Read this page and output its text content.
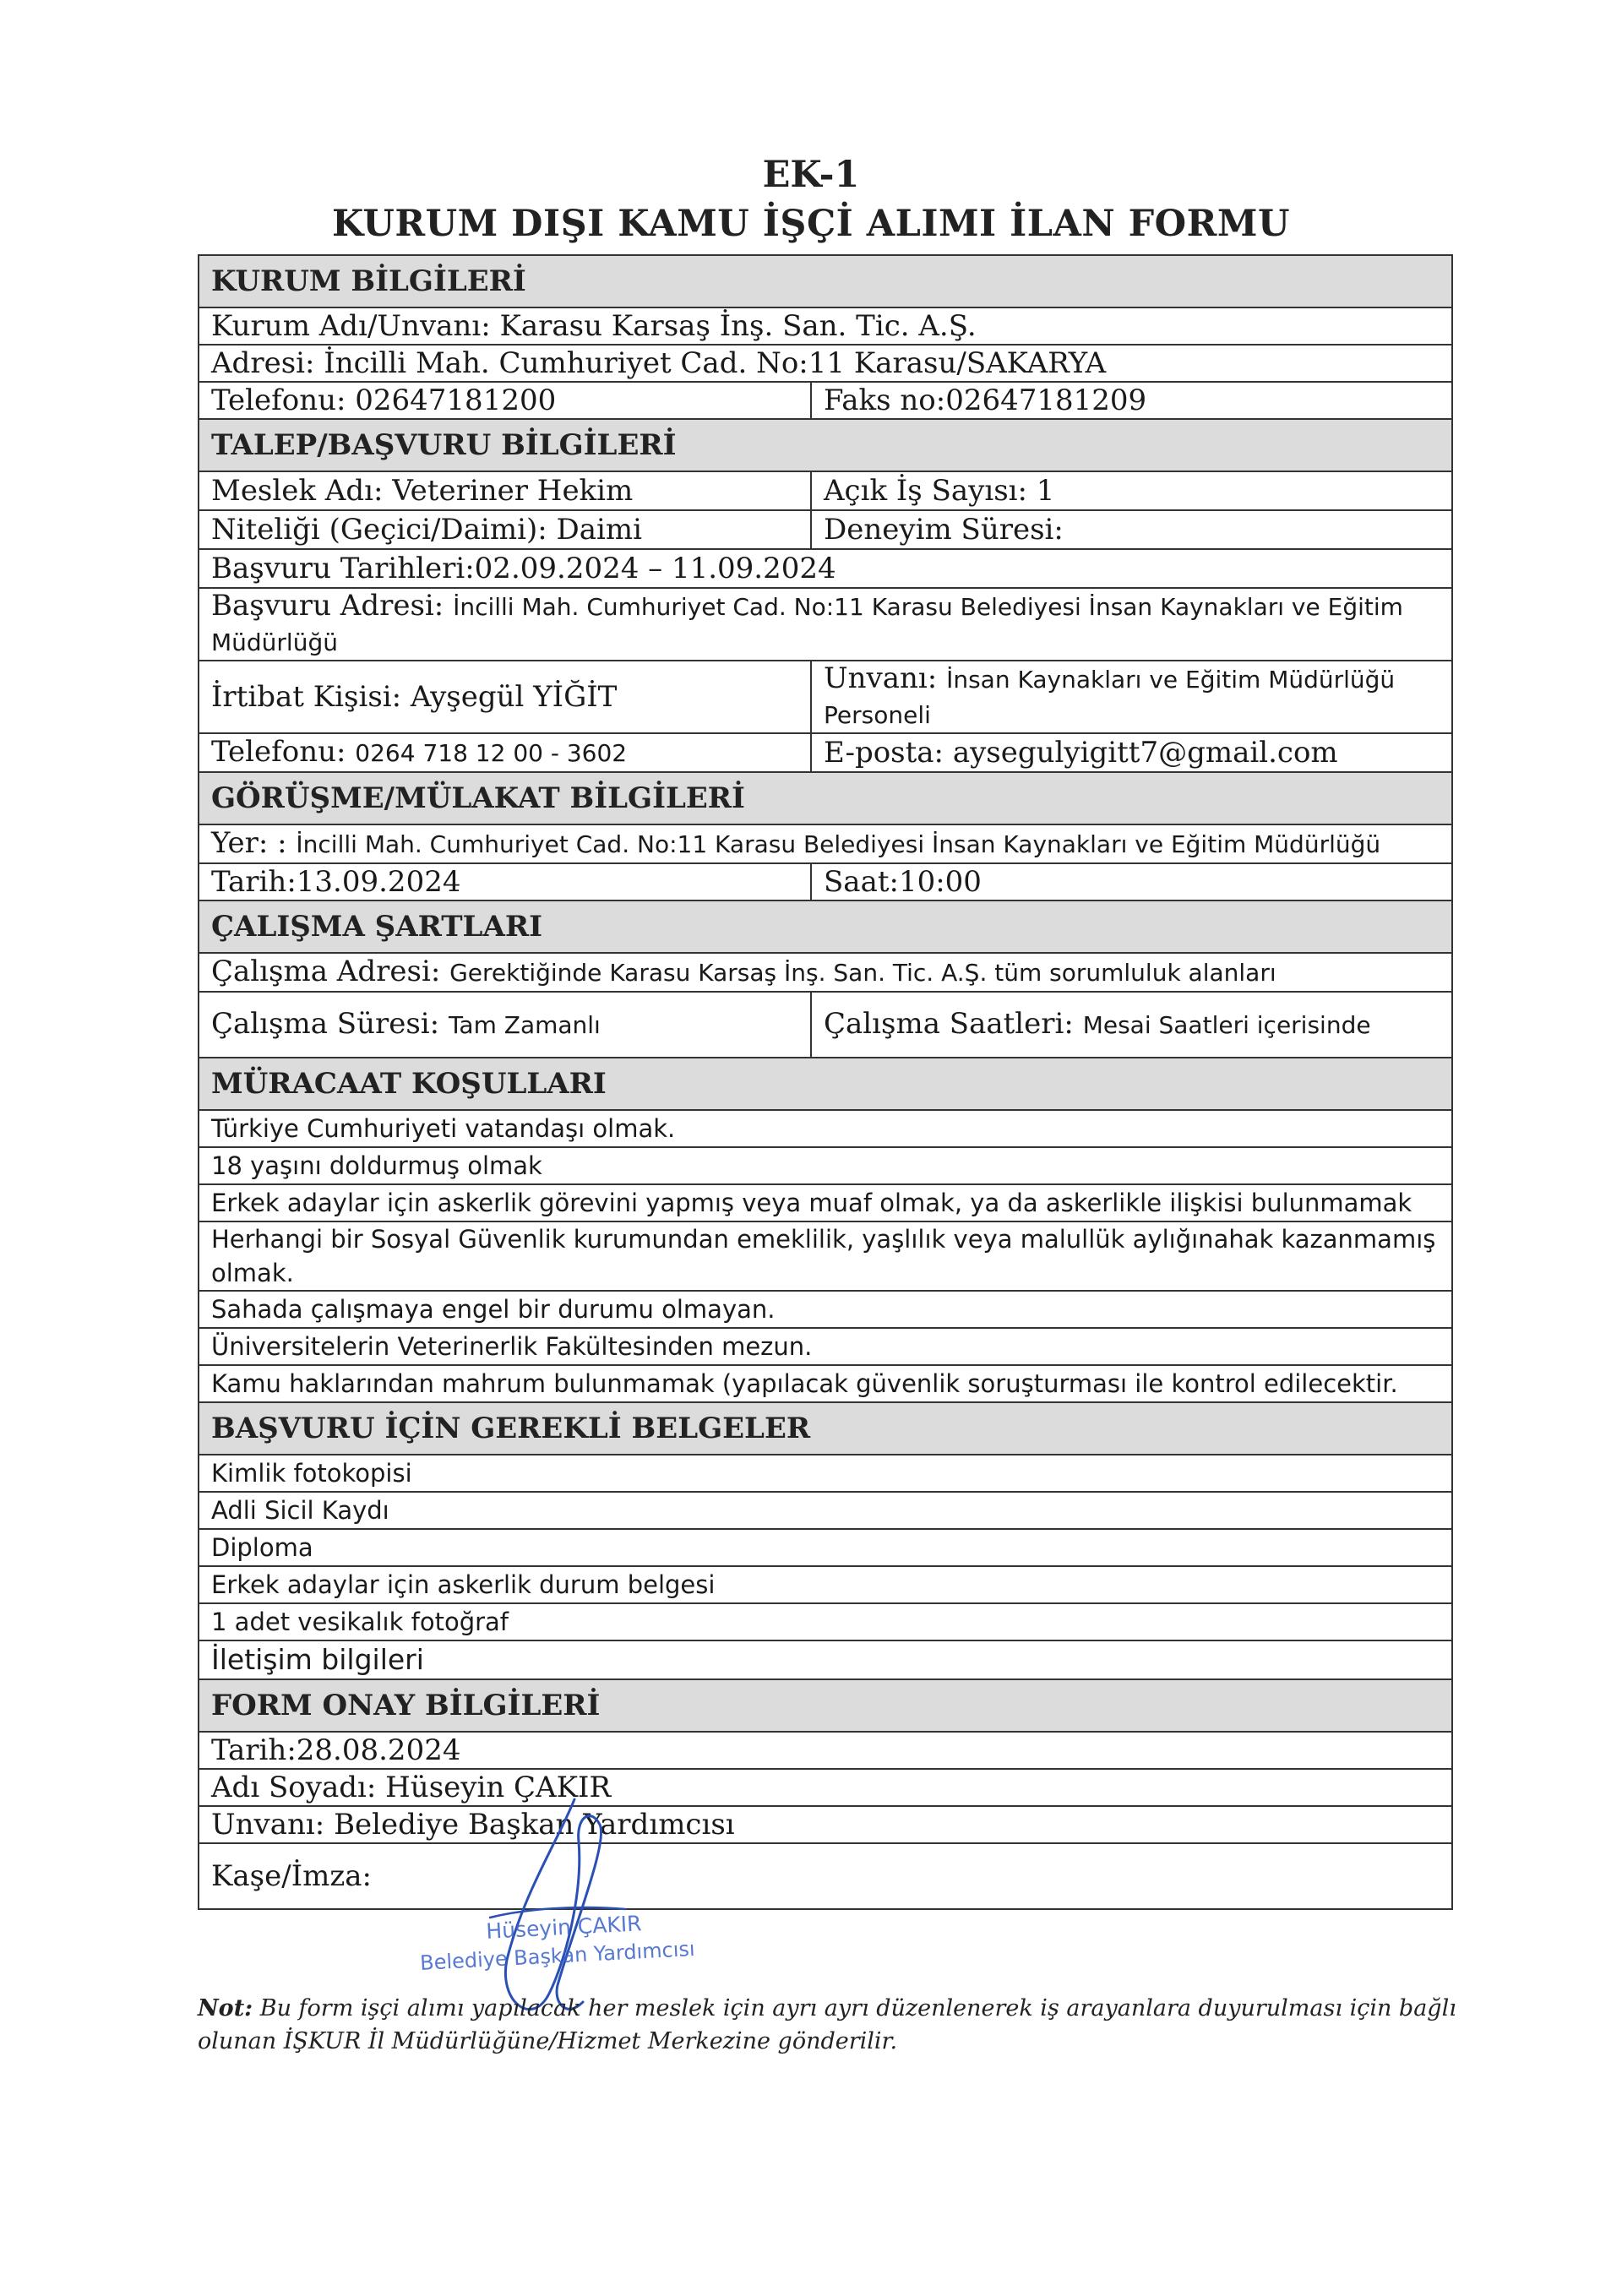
EK-1
KURUM DIŞI KAMU İŞÇİ ALIMI İLAN FORMU
KURUM BİLGİLERİ	
Kurum Adı/Unvanı: Karasu Karsaş İnş. San. Tic. A.Ş.	
Adresi: İncilli Mah. Cumhuriyet Cad. No:11 Karasu/SAKARYA	
Telefonu: 02647181200	Faks no:02647181209
TALEP/BAŞVURU BİLGİLERİ	
Meslek Adı: Veteriner Hekim	Açık İş Sayısı: 1
Niteliği (Geçici/Daimi): Daimi	Deneyim Süresi:
Başvuru Tarihleri:02.09.2024 – 11.09.2024	
Başvuru Adresi: İncilli Mah. Cumhuriyet Cad. No:11 Karasu Belediyesi İnsan Kaynakları ve Eğitim Müdürlüğü	
İrtibat Kişisi: Ayşegül YİĞİT	Unvanı: İnsan Kaynakları ve Eğitim Müdürlüğü Personeli
Telefonu: 0264 718 12 00 - 3602	E-posta: aysegulyigitt7@gmail.com
GÖRÜŞME/MÜLAKAT BİLGİLERİ	
Yer: : İncilli Mah. Cumhuriyet Cad. No:11 Karasu Belediyesi İnsan Kaynakları ve Eğitim Müdürlüğü	
Tarih:13.09.2024	Saat:10:00
ÇALIŞMA ŞARTLARI	
Çalışma Adresi: Gerektiğinde Karasu Karsaş İnş. San. Tic. A.Ş. tüm sorumluluk alanları	
Çalışma Süresi: Tam Zamanlı	Çalışma Saatleri: Mesai Saatleri içerisinde
MÜRACAAT KOŞULLARI	
Türkiye Cumhuriyeti vatandaşı olmak.	
18 yaşını doldurmuş olmak	
Erkek adaylar için askerlik görevini yapmış veya muaf olmak, ya da askerlikle ilişkisi bulunmamak	
Herhangi bir Sosyal Güvenlik kurumundan emeklilik, yaşlılık veya malullük aylığınahak kazanmamış olmak.	
Sahada çalışmaya engel bir durumu olmayan.	
Üniversitelerin Veterinerlik Fakültesinden mezun.	
Kamu haklarından mahrum bulunmamak (yapılacak güvenlik soruşturması ile kontrol edilecektir.	
BAŞVURU İÇİN GEREKLİ BELGELER	
Kimlik fotokopisi	
Adli Sicil Kaydı	
Diploma	
Erkek adaylar için askerlik durum belgesi	
1 adet vesikalık fotoğraf	
İletişim bilgileri	
FORM ONAY BİLGİLERİ	
Tarih:28.08.2024	
Adı Soyadı: Hüseyin ÇAKIR	
Unvanı: Belediye Başkan Yardımcısı	
Kaşe/İmza:	
Hüseyin ÇAKIR
Belediye Başkan Yardımcısı
Not: Bu form işçi alımı yapılacak her meslek için ayrı ayrı düzenlenerek iş arayanlara duyurulması için bağlı olunan İŞKUR İl Müdürlüğüne/Hizmet Merkezine gönderilir.
